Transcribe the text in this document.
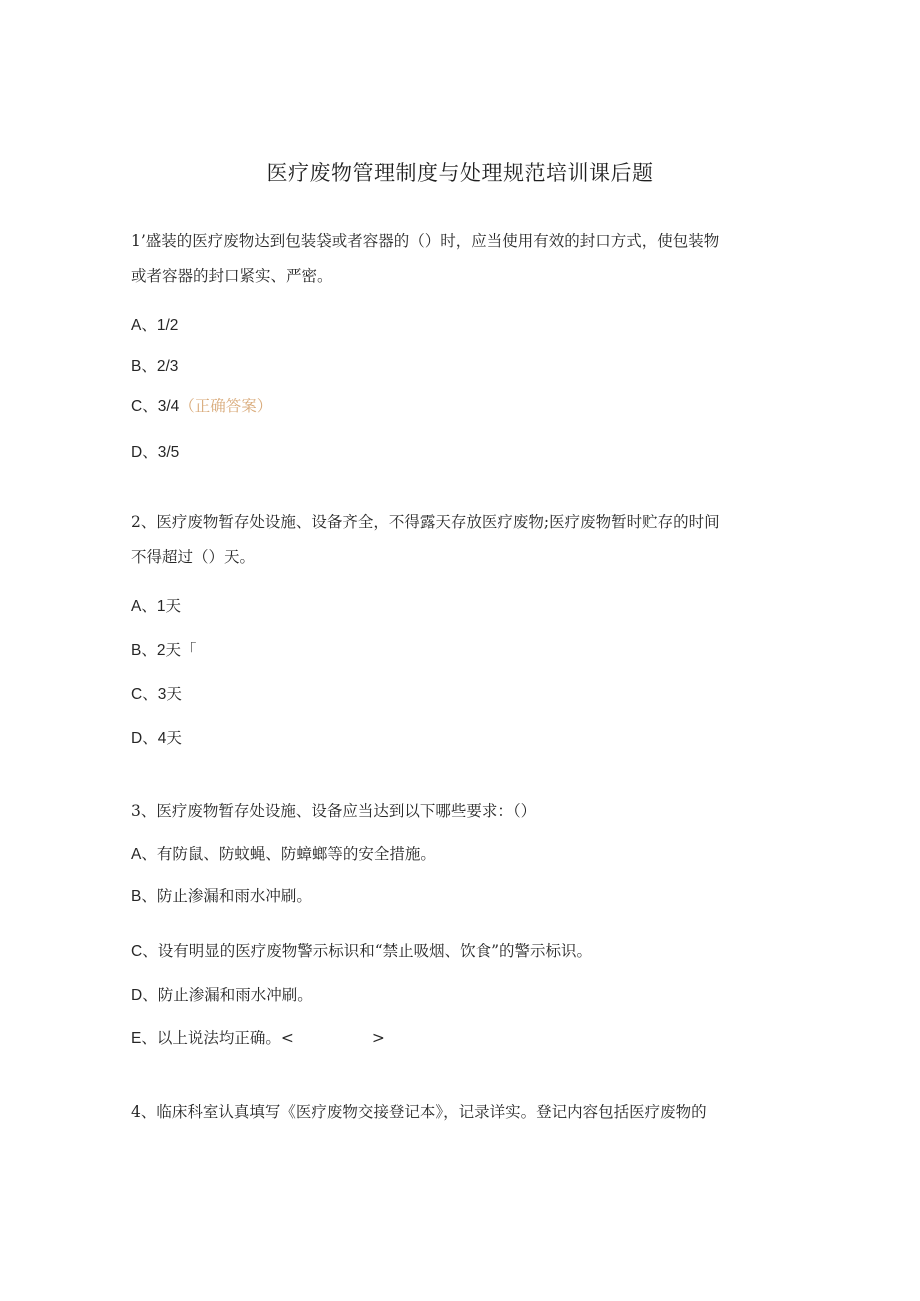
医疗废物管理制度与处理规范培训课后题
1’盛装的医疗废物达到包装袋或者容器的（）时，应当使用有效的封口方式，使包装物
或者容器的封口紧实、严密。
A、1/2
B、2/3
C、3/4（正确答案）
D、3/5
2、医疗废物暂存处设施、设备齐全，不得露天存放医疗废物;医疗废物暂时贮存的时间
不得超过（）天。
A、1天
B、2天「
C、3天
D、4天
3、医疗废物暂存处设施、设备应当达到以下哪些要求：（）
A、有防鼠、防蚊蝇、防蟑螂等的安全措施。
B、防止渗漏和雨水冲刷。
C、设有明显的医疗废物警示标识和“禁止吸烟、饮食”的警示标识。
D、防止渗漏和雨水冲刷。
E、以上说法均正确。<	>
4、临床科室认真填写《医疗废物交接登记本》，记录详实。登记内容包括医疗废物的
